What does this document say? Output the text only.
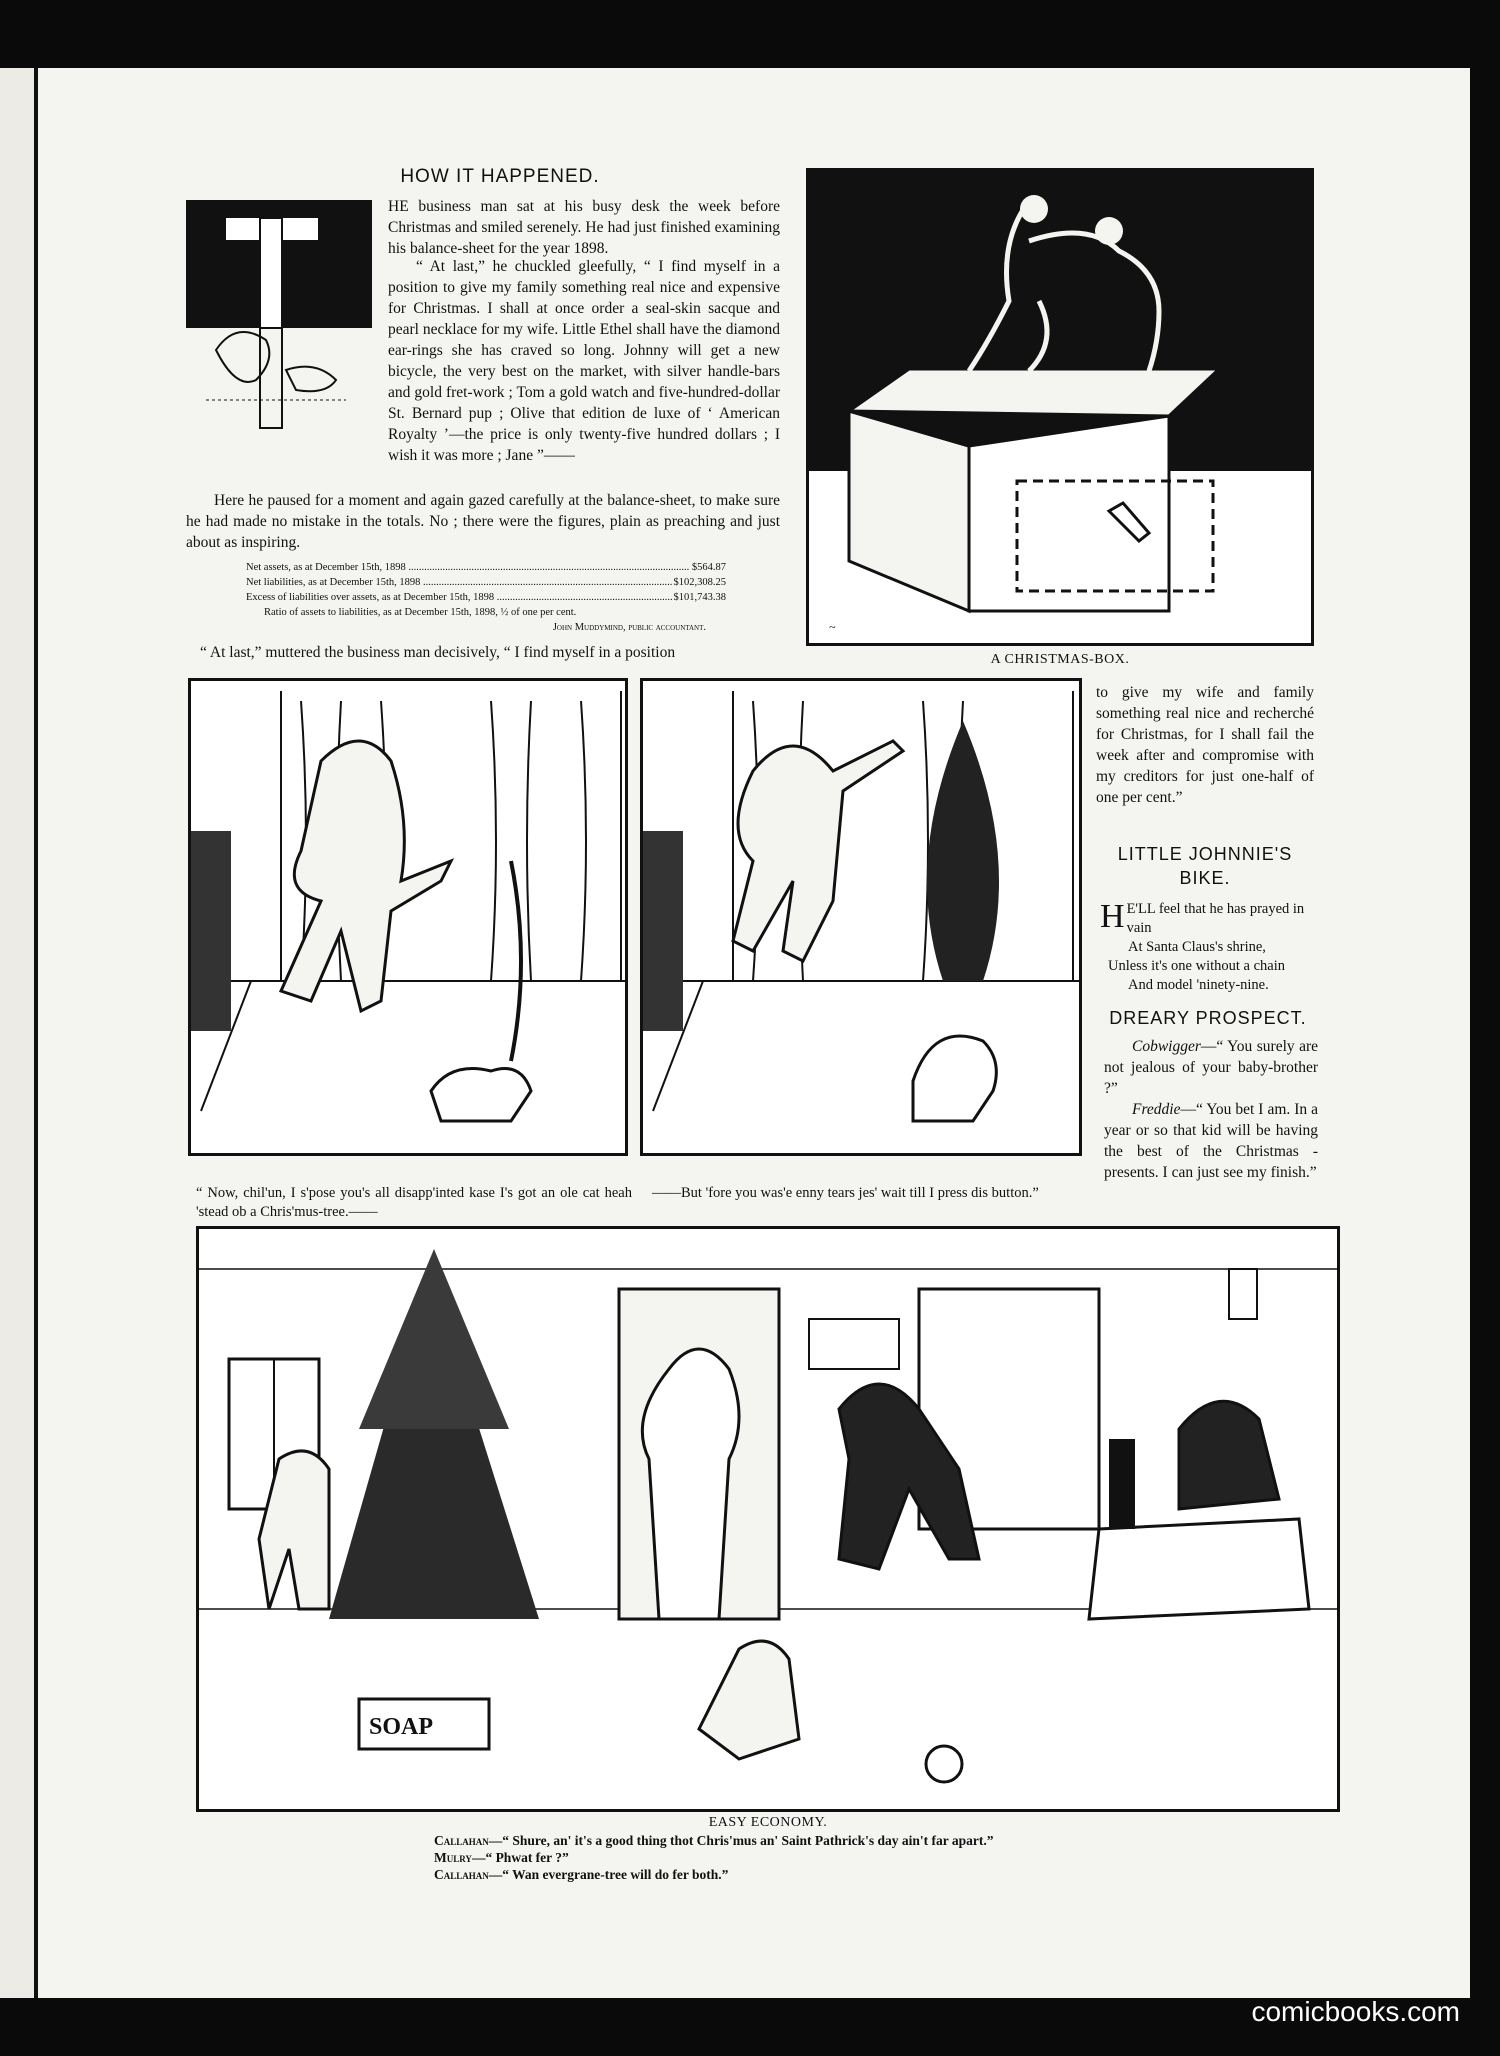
HOW IT HAPPENED.

HE business man sat at his busy desk the week before Christmas and smiled serenely. He had just finished examining his balance-sheet for the year 1898.

“ At last,” he chuckled gleefully, “ I find myself in a position to give my family something real nice and expensive for Christmas. I shall at once order a seal-skin sacque and pearl necklace for my wife. Little Ethel shall have the diamond ear-rings she has craved so long. Johnny will get a new bicycle, the very best on the market, with silver handle-bars and gold fret-work ; Tom a gold watch and five-hundred-dollar St. Bernard pup ; Olive that edition de luxe of ‘ American Royalty ’—the price is only twenty-five hundred dollars ; I wish it was more ; Jane ”——

Here he paused for a moment and again gazed carefully at the balance-sheet, to make sure he had made no mistake in the totals. No ; there were the figures, plain as preaching and just about as inspiring.

Net assets, as at December 15th, 1898 .....	$564.87
Net liabilities, as at December 15th, 1898 .....	$102,308.25
Excess of liabilities over assets, as at December 15th, 1898 .....	$101,743.38
Ratio of assets to liabilities, as at December 15th, 1898, ½ of one per cent.
John Muddymind, public accountant.

“ At last,” muttered the business man decisively, “ I find myself in a position

~
A CHRISTMAS-BOX.
“ Now, chil'un, I s'pose you's all disapp'inted kase I's got an ole cat heah 'stead ob a Chris'mus-tree.——
——But 'fore you was'e enny tears jes' wait till I press dis button.”

to give my wife and family something real nice and recherché for Christmas, for I shall fail the week after and compromise with my creditors for just one-half of one per cent.”

LITTLE JOHNNIE'S
BIKE.
H E'LL feel that he has prayed in vain
At Santa Claus's shrine,
Unless it's one without a chain
And model 'ninety-nine.
DREARY PROSPECT.

Cobwigger—“ You surely are not jealous of your baby-brother ?”

Freddie—“ You bet I am. In a year or so that kid will be having the best of the Christmas - presents. I can just see my finish.”

SOAP
EASY ECONOMY.
Callahan—“ Shure, an' it's a good thing thot Chris'mus an' Saint Pathrick's day ain't far apart.”
Mulry—“ Phwat fer ?”
Callahan—“ Wan evergrane-tree will do fer both.”
comicbooks.com
